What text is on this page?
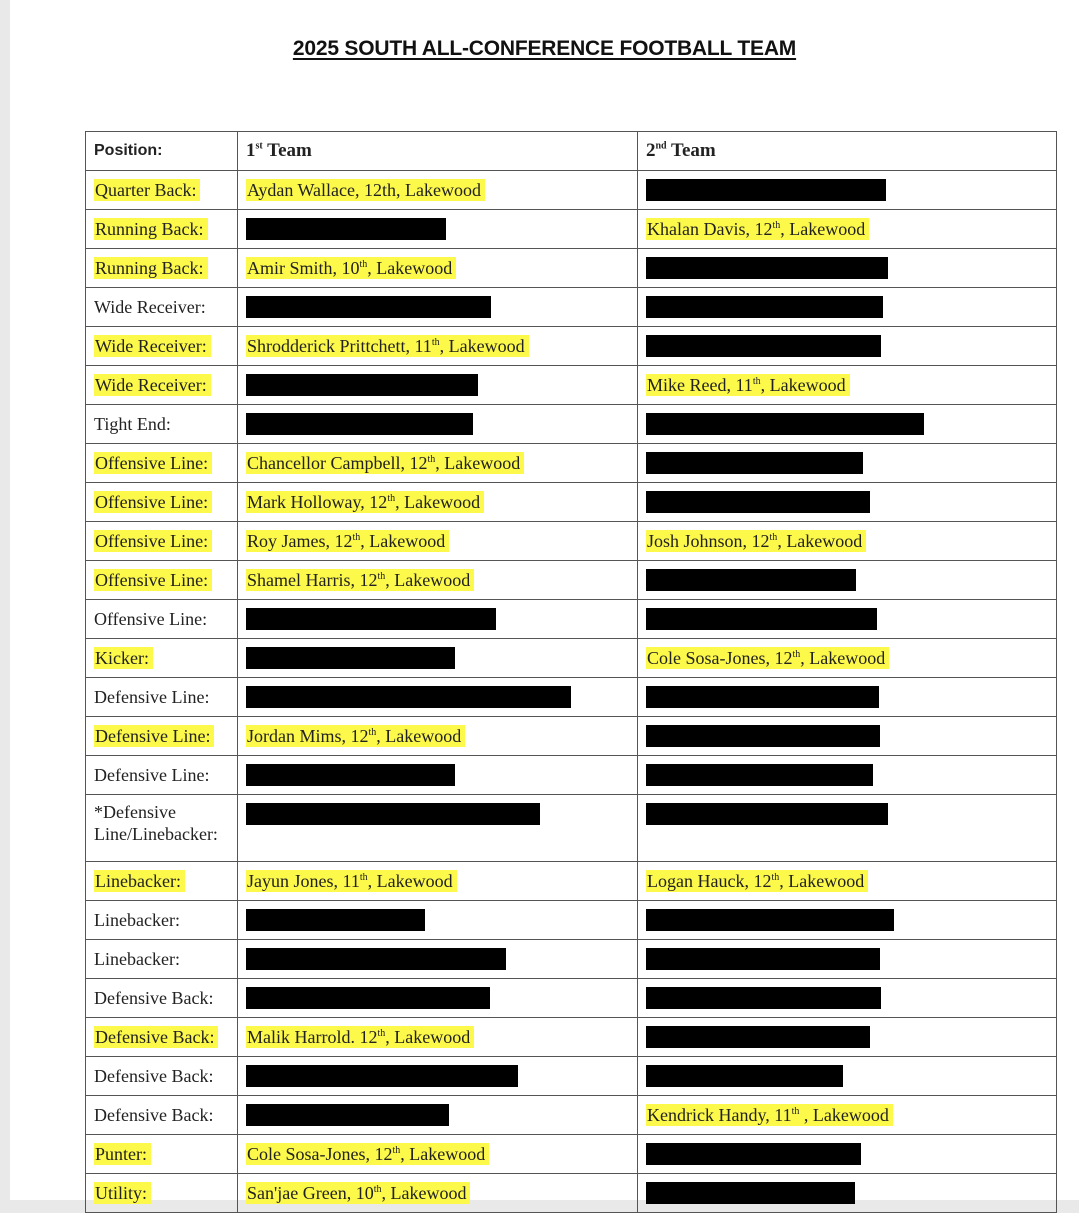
2025 SOUTH ALL-CONFERENCE FOOTBALL TEAM
Position:	1st Team	2nd Team
Quarter Back:	Aydan Wallace, 12th, Lakewood	
Running Back:		Khalan Davis, 12th, Lakewood
Running Back:	Amir Smith, 10th, Lakewood	
Wide Receiver:		
Wide Receiver:	Shrodderick Prittchett, 11th, Lakewood	
Wide Receiver:		Mike Reed, 11th, Lakewood
Tight End:		
Offensive Line:	Chancellor Campbell, 12th, Lakewood	
Offensive Line:	Mark Holloway, 12th, Lakewood	
Offensive Line:	Roy James, 12th, Lakewood	Josh Johnson, 12th, Lakewood
Offensive Line:	Shamel Harris, 12th, Lakewood	
Offensive Line:		
Kicker:		Cole Sosa-Jones, 12th, Lakewood
Defensive Line:		
Defensive Line:	Jordan Mims, 12th, Lakewood	
Defensive Line:		
*Defensive Line/Linebacker:		
Linebacker:	Jayun Jones, 11th, Lakewood	Logan Hauck, 12th, Lakewood
Linebacker:		
Linebacker:		
Defensive Back:		
Defensive Back:	Malik Harrold. 12th, Lakewood	
Defensive Back:		
Defensive Back:		Kendrick Handy, 11th , Lakewood
Punter:	Cole Sosa-Jones, 12th, Lakewood	
Utility:	San'jae Green, 10th, Lakewood	
